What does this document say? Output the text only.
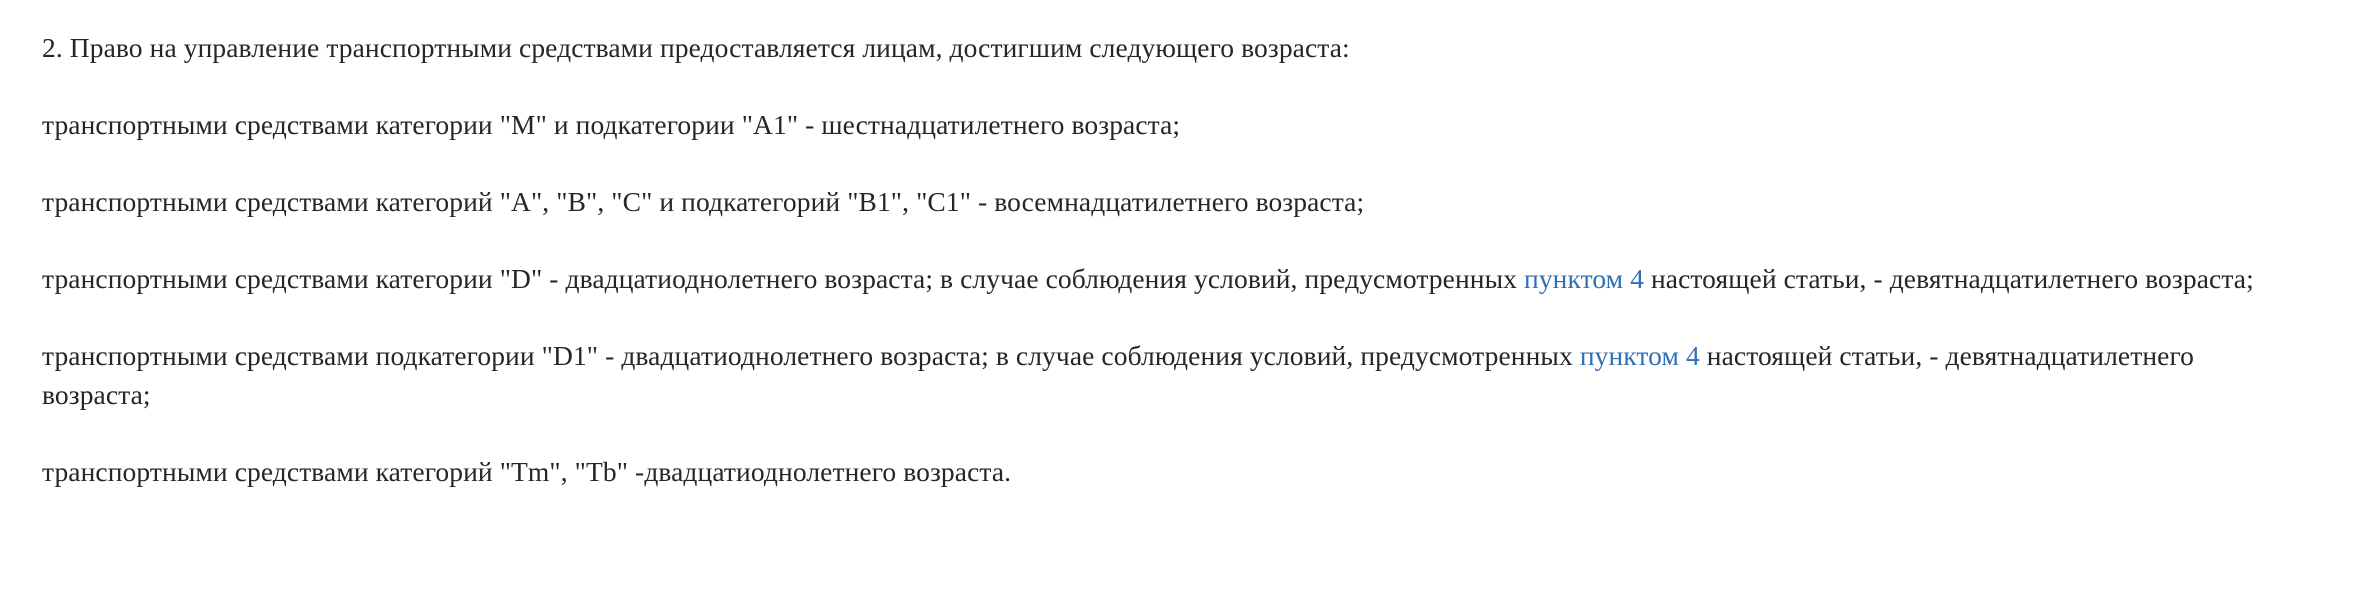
2. Право на управление транспортными средствами предоставляется лицам, достигшим следующего возраста:

транспортными средствами категории "M" и подкатегории "A1" - шестнадцатилетнего возраста;

транспортными средствами категорий "A", "B", "C" и подкатегорий "B1", "C1" - восемнадцатилетнего возраста;

транспортными средствами категории "D" - двадцатиоднолетнего возраста; в случае соблюдения условий, предусмотренных пунктом 4 настоящей статьи, - девятнадцатилетнего возраста;

транспортными средствами подкатегории "D1" - двадцатиоднолетнего возраста; в случае соблюдения условий, предусмотренных пунктом 4 настоящей статьи, - девятнадцатилетнего возраста;

транспортными средствами категорий "Tm", "Tb" -двадцатиоднолетнего возраста.
